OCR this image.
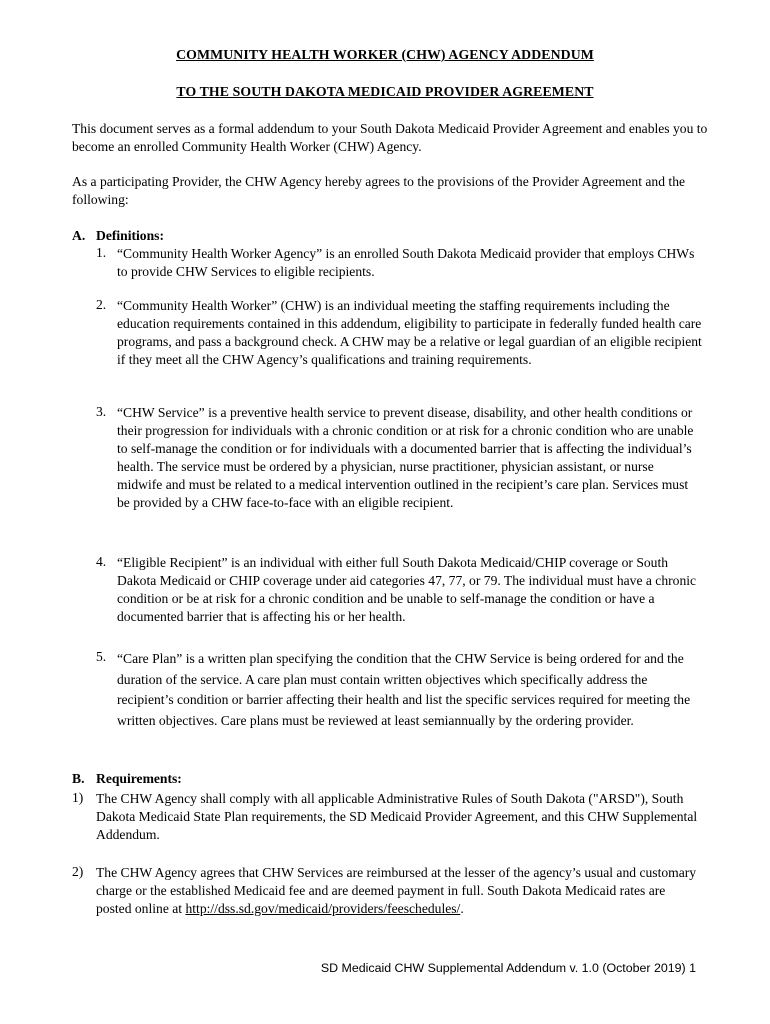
COMMUNITY HEALTH WORKER (CHW) AGENCY ADDENDUM
TO THE SOUTH DAKOTA MEDICAID PROVIDER AGREEMENT

This document serves as a formal addendum to your South Dakota Medicaid Provider Agreement and enables you to become an enrolled Community Health Worker (CHW) Agency.

As a participating Provider, the CHW Agency hereby agrees to the provisions of the Provider Agreement and the following:

A. Definitions:
1. “Community Health Worker Agency” is an enrolled South Dakota Medicaid provider that employs CHWs to provide CHW Services to eligible recipients.
2. “Community Health Worker” (CHW) is an individual meeting the staffing requirements including the education requirements contained in this addendum, eligibility to participate in federally funded health care programs, and pass a background check. A CHW may be a relative or legal guardian of an eligible recipient if they meet all the CHW Agency’s qualifications and training requirements.
3. “CHW Service” is a preventive health service to prevent disease, disability, and other health conditions or their progression for individuals with a chronic condition or at risk for a chronic condition who are unable to self-manage the condition or for individuals with a documented barrier that is affecting the individual’s health. The service must be ordered by a physician, nurse practitioner, physician assistant, or nurse midwife and must be related to a medical intervention outlined in the recipient’s care plan. Services must be provided by a CHW face-to-face with an eligible recipient.
4. “Eligible Recipient” is an individual with either full South Dakota Medicaid/CHIP coverage or South Dakota Medicaid or CHIP coverage under aid categories 47, 77, or 79. The individual must have a chronic condition or be at risk for a chronic condition and be unable to self-manage the condition or have a documented barrier that is affecting his or her health.
5. “Care Plan” is a written plan specifying the condition that the CHW Service is being ordered for and the duration of the service. A care plan must contain written objectives which specifically address the recipient’s condition or barrier affecting their health and list the specific services required for meeting the written objectives. Care plans must be reviewed at least semiannually by the ordering provider.
B. Requirements:
1) The CHW Agency shall comply with all applicable Administrative Rules of South Dakota ("ARSD"), South Dakota Medicaid State Plan requirements, the SD Medicaid Provider Agreement, and this CHW Supplemental Addendum.
2) The CHW Agency agrees that CHW Services are reimbursed at the lesser of the agency’s usual and customary charge or the established Medicaid fee and are deemed payment in full. South Dakota Medicaid rates are posted online at http://dss.sd.gov/medicaid/providers/feeschedules/.
SD Medicaid CHW Supplemental Addendum v. 1.0 (October 2019) 1
